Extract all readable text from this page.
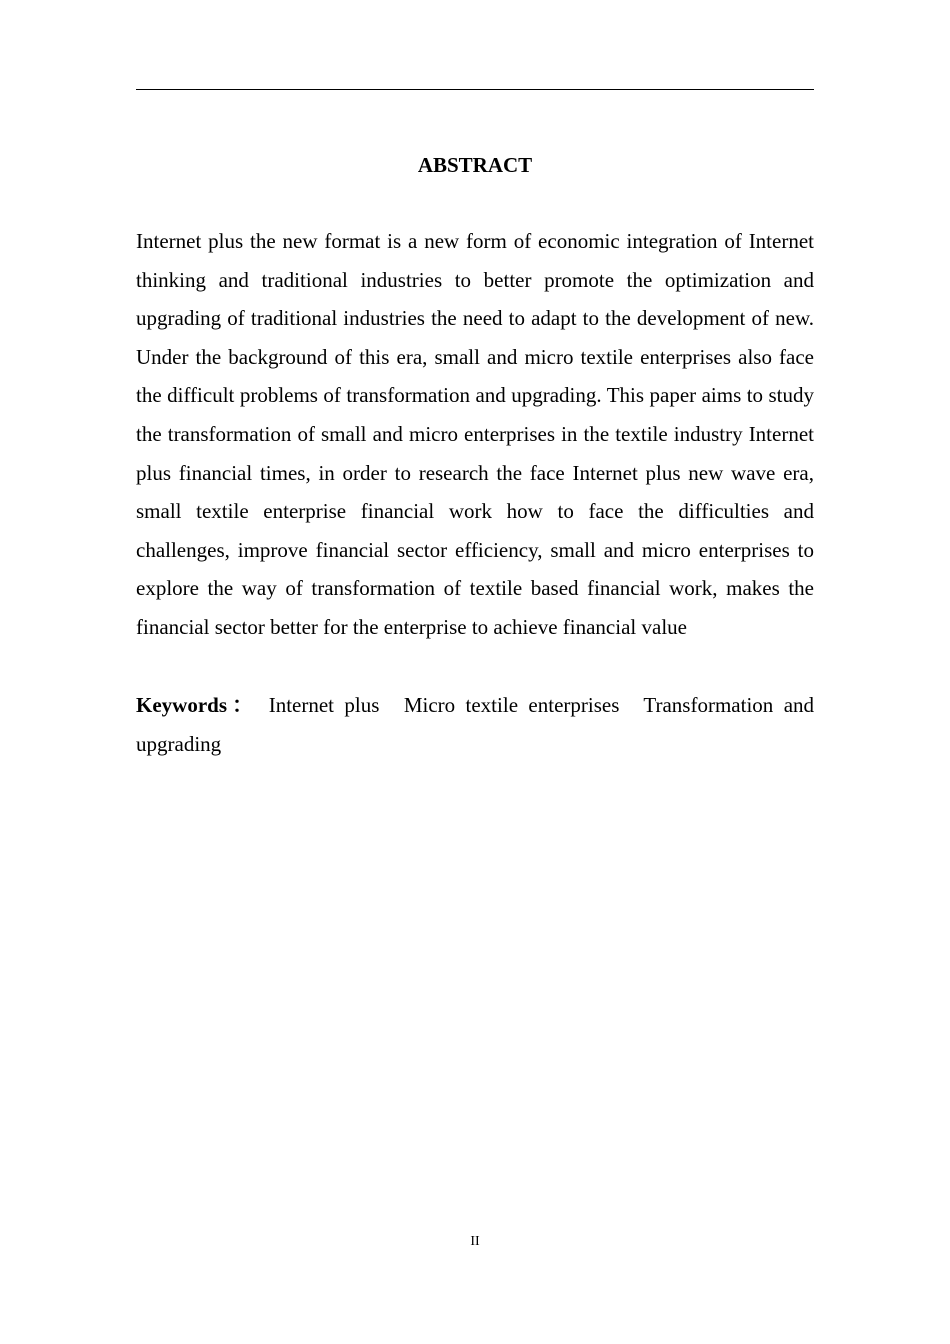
ABSTRACT

Internet plus the new format is a new form of economic integration of Internet thinking and traditional industries to better promote the optimization and upgrading of traditional industries the need to adapt to the development of new. Under the background of this era, small and micro textile enterprises also face the difficult problems of transformation and upgrading. This paper aims to study the transformation of small and micro enterprises in the textile industry Internet plus financial times, in order to research the face Internet plus new wave era, small textile enterprise financial work how to face the difficulties and challenges, improve financial sector efficiency, small and micro enterprises to explore the way of transformation of textile based financial work, makes the financial sector better for the enterprise to achieve financial value

Keywords： Internet plus Micro textile enterprises Transformation and upgrading

II
